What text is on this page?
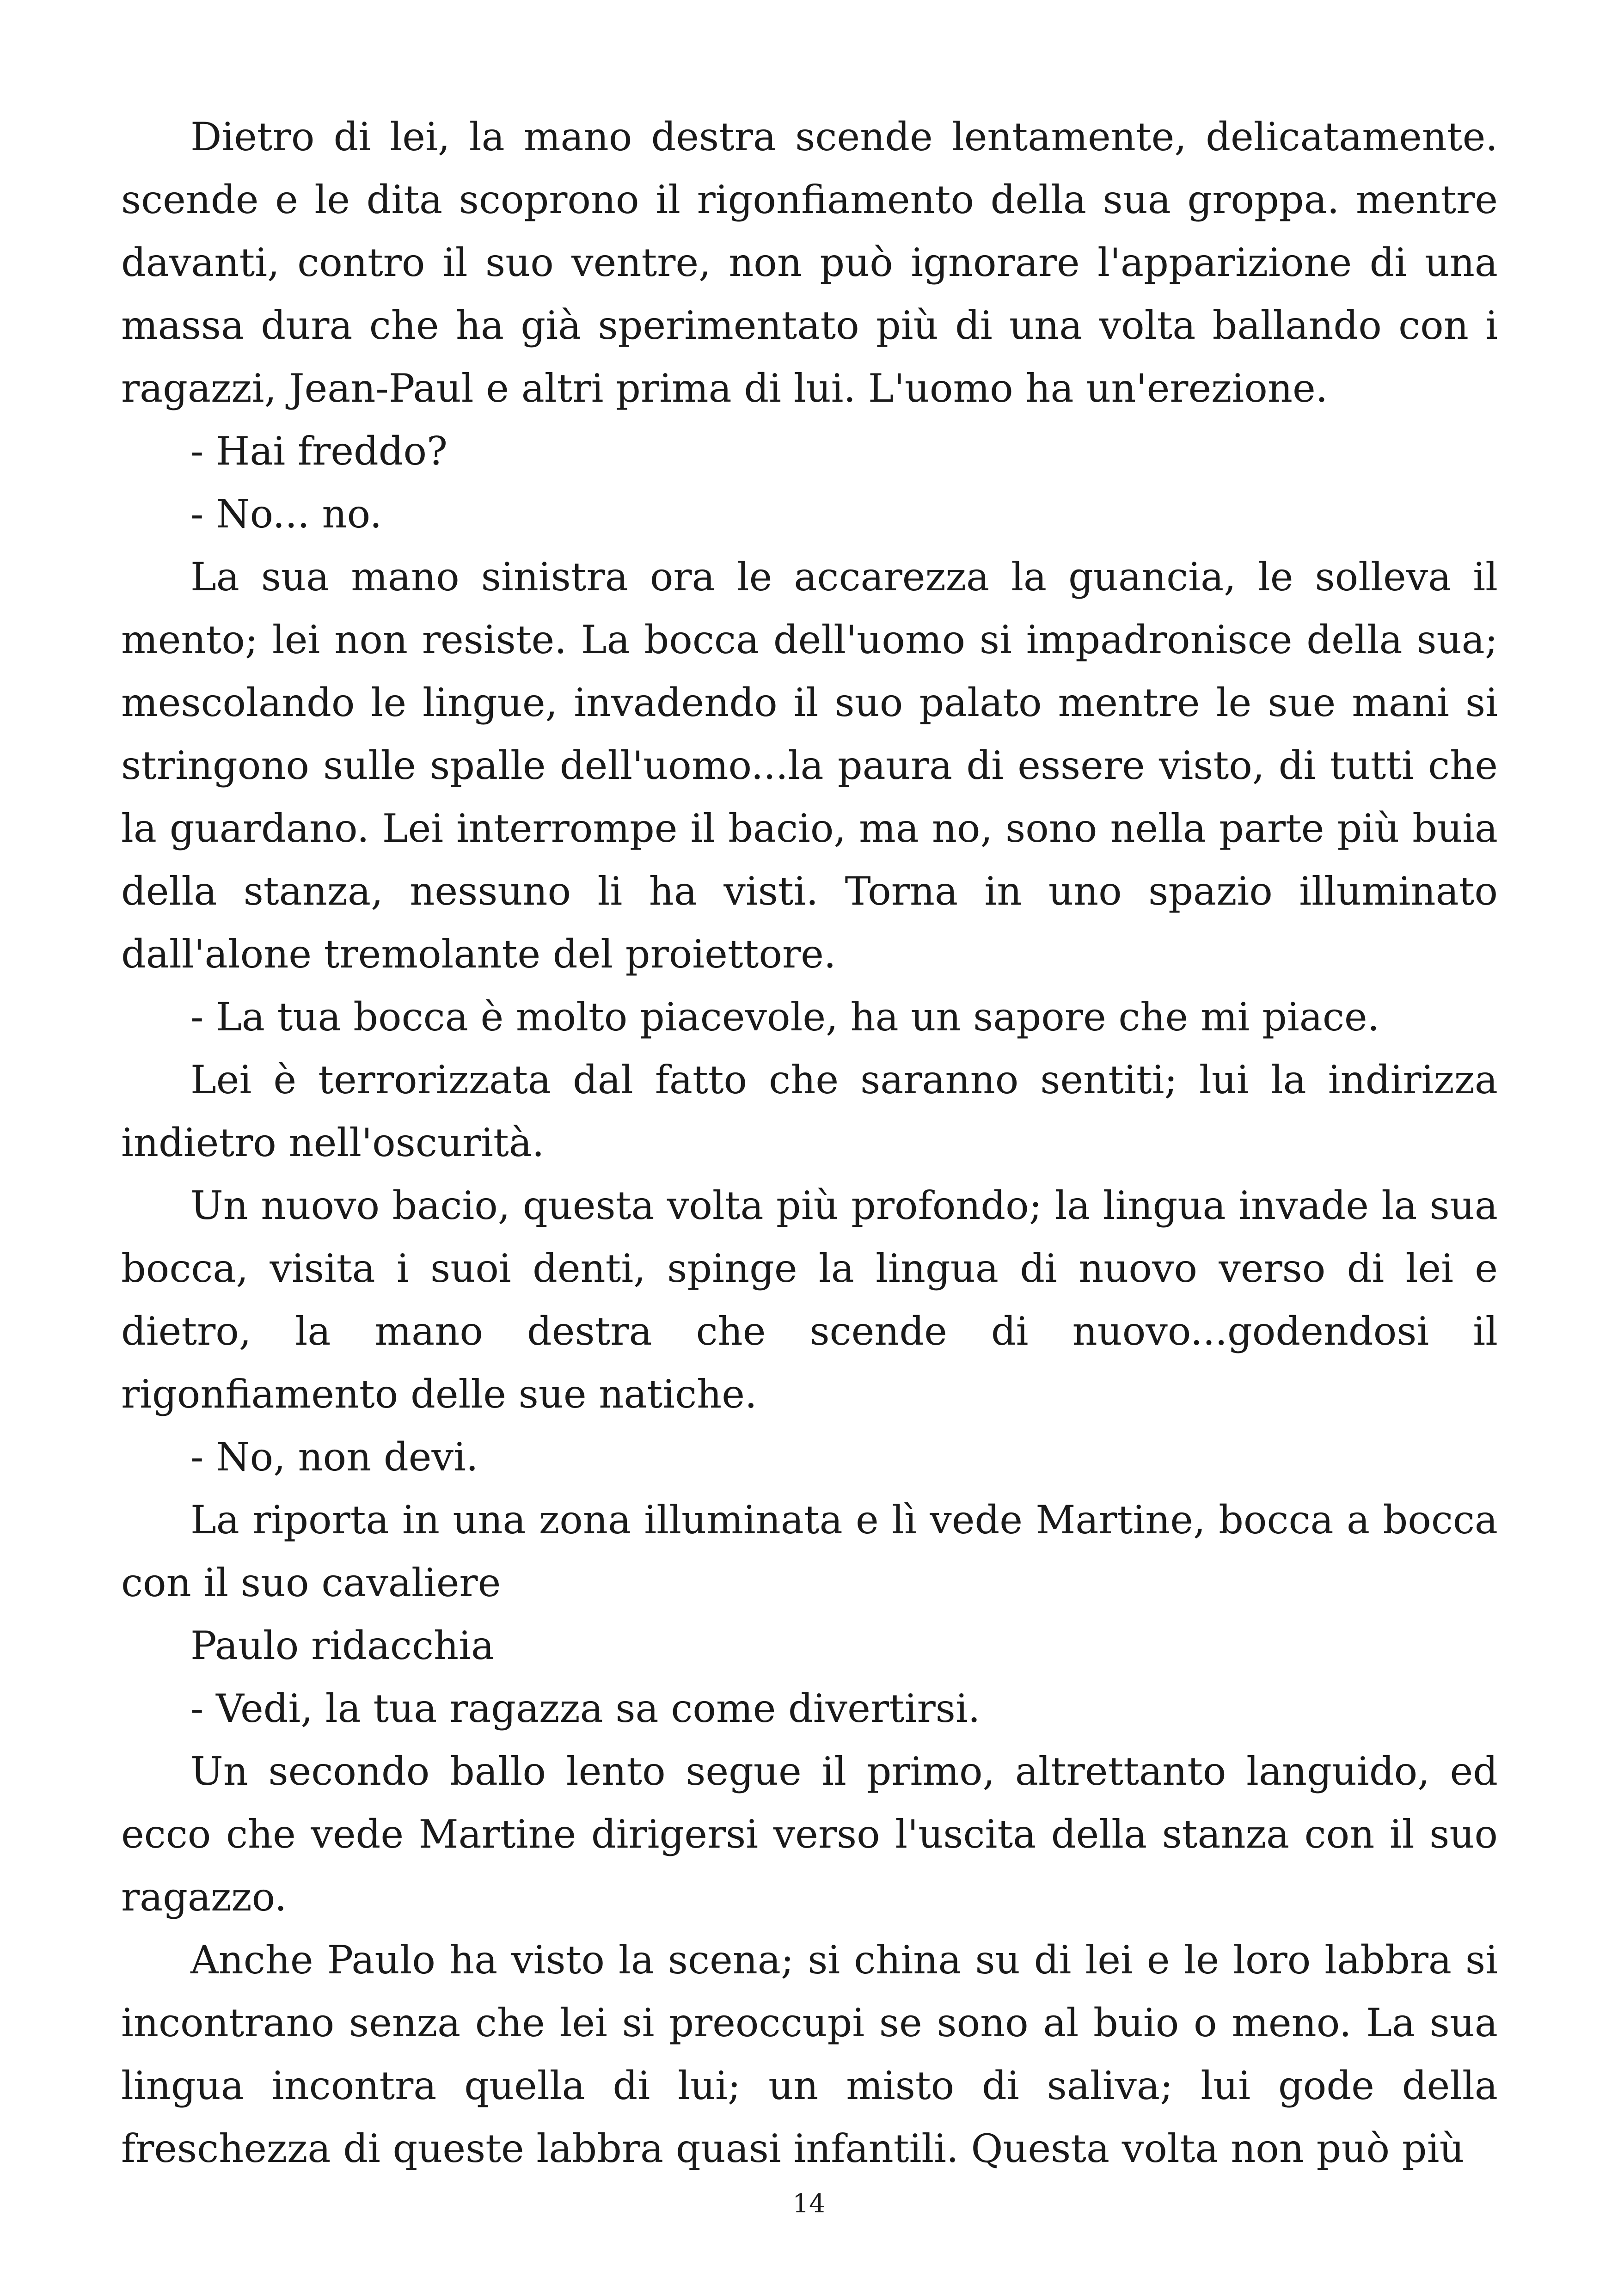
Dietro di lei, la mano destra scende lentamente, delicatamente. scende e le dita scoprono il rigonfiamento della sua groppa. mentre davanti, contro il suo ventre, non può ignorare l'apparizione di una massa dura che ha già sperimentato più di una volta ballando con i ragazzi, Jean-Paul e altri prima di lui. L'uomo ha un'erezione.

- Hai freddo?

- No... no.

La sua mano sinistra ora le accarezza la guancia, le solleva il mento; lei non resiste. La bocca dell'uomo si impadronisce della sua; mescolando le lingue, invadendo il suo palato mentre le sue mani si stringono sulle spalle dell'uomo...la paura di essere visto, di tutti che la guardano. Lei interrompe il bacio, ma no, sono nella parte più buia della stanza, nessuno li ha visti. Torna in uno spazio illuminato dall'alone tremolante del proiettore.

- La tua bocca è molto piacevole, ha un sapore che mi piace.

Lei è terrorizzata dal fatto che saranno sentiti; lui la indirizza indietro nell'oscurità.

Un nuovo bacio, questa volta più profondo; la lingua invade la sua bocca, visita i suoi denti, spinge la lingua di nuovo verso di lei e dietro, la mano destra che scende di nuovo...godendosi il rigonfiamento delle sue natiche.

- No, non devi.

La riporta in una zona illuminata e lì vede Martine, bocca a bocca con il suo cavaliere

Paulo ridacchia

- Vedi, la tua ragazza sa come divertirsi.

Un secondo ballo lento segue il primo, altrettanto languido, ed ecco che vede Martine dirigersi verso l'uscita della stanza con il suo ragazzo.

Anche Paulo ha visto la scena; si china su di lei e le loro labbra si incontrano senza che lei si preoccupi se sono al buio o meno. La sua lingua incontra quella di lui; un misto di saliva; lui gode della freschezza di queste labbra quasi infantili. Questa volta non può più

14
